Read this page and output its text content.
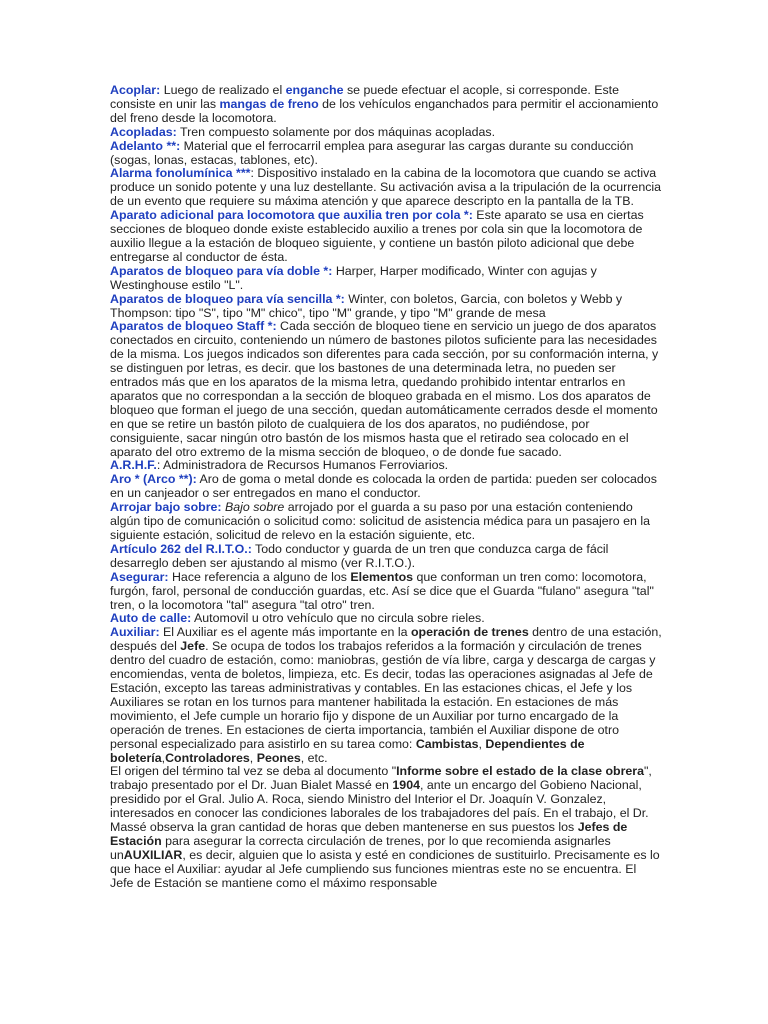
Acoplar: Luego de realizado el enganche se puede efectuar el acople, si corresponde. Este consiste en unir las mangas de freno de los vehículos enganchados para permitir el accionamiento del freno desde la locomotora.

Acopladas: Tren compuesto solamente por dos máquinas acopladas.

Adelanto **: Material que el ferrocarril emplea para asegurar las cargas durante su conducción (sogas, lonas, estacas, tablones, etc).

Alarma fonolumínica ***: Dispositivo instalado en la cabina de la locomotora que cuando se activa produce un sonido potente y una luz destellante. Su activación avisa a la tripulación de la ocurrencia de un evento que requiere su máxima atención y que aparece descripto en la pantalla de la TB.

Aparato adicional para locomotora que auxilia tren por cola *: Este aparato se usa en ciertas secciones de bloqueo donde existe establecido auxilio a trenes por cola sin que la locomotora de auxilio llegue a la estación de bloqueo siguiente, y contiene un bastón piloto adicional que debe entregarse al conductor de ésta.

Aparatos de bloqueo para vía doble *: Harper, Harper modificado, Winter con agujas y Westinghouse estilo "L".

Aparatos de bloqueo para vía sencilla *: Winter, con boletos, Garcia, con boletos y Webb y Thompson: tipo "S", tipo "M" chico", tipo "M" grande, y tipo "M" grande de mesa

Aparatos de bloqueo Staff *: Cada sección de bloqueo tiene en servicio un juego de dos aparatos conectados en circuito, conteniendo un número de bastones pilotos suficiente para las necesidades de la misma. Los juegos indicados son diferentes para cada sección, por su conformación interna, y se distinguen por letras, es decir. que los bastones de una determinada letra, no pueden ser entrados más que en los aparatos de la misma letra, quedando prohibido intentar entrarlos en aparatos que no correspondan a la sección de bloqueo grabada en el mismo. Los dos aparatos de bloqueo que forman el juego de una sección, quedan automáticamente cerrados desde el momento en que se retire un bastón piloto de cualquiera de los dos aparatos, no pudiéndose, por consiguiente, sacar ningún otro bastón de los mismos hasta que el retirado sea colocado en el aparato del otro extremo de la misma sección de bloqueo, o de donde fue sacado.

A.R.H.F.: Administradora de Recursos Humanos Ferroviarios.

Aro * (Arco **): Aro de goma o metal donde es colocada la orden de partida: pueden ser colocados en un canjeador o ser entregados en mano el conductor.

Arrojar bajo sobre: Bajo sobre arrojado por el guarda a su paso por una estación conteniendo algún tipo de comunicación o solicitud como: solicitud de asistencia médica para un pasajero en la siguiente estación, solicitud de relevo en la estación siguiente, etc.

Artículo 262 del R.I.T.O.: Todo conductor y guarda de un tren que conduzca carga de fácil desarreglo deben ser ajustando al mismo (ver R.I.T.O.).

Asegurar: Hace referencia a alguno de los Elementos que conforman un tren como: locomotora, furgón, farol, personal de conducción guardas, etc. Así se dice que el Guarda "fulano" asegura "tal" tren, o la locomotora "tal" asegura "tal otro" tren.

Auto de calle: Automovil u otro vehículo que no circula sobre rieles.

Auxiliar: El Auxiliar es el agente más importante en la operación de trenes dentro de una estación, después del Jefe. Se ocupa de todos los trabajos referidos a la formación y circulación de trenes dentro del cuadro de estación, como: maniobras, gestión de vía libre, carga y descarga de cargas y encomiendas, venta de boletos, limpieza, etc. Es decir, todas las operaciones asignadas al Jefe de Estación, excepto las tareas administrativas y contables. En las estaciones chicas, el Jefe y los Auxiliares se rotan en los turnos para mantener habilitada la estación. En estaciones de más movimiento, el Jefe cumple un horario fijo y dispone de un Auxiliar por turno encargado de la operación de trenes. En estaciones de cierta importancia, también el Auxiliar dispone de otro personal especializado para asistirlo en su tarea como: Cambistas, Dependientes de boletería,Controladores, Peones, etc.

El origen del término tal vez se deba al documento "Informe sobre el estado de la clase obrera", trabajo presentado por el Dr. Juan Bialet Massé en 1904, ante un encargo del Gobieno Nacional, presidido por el Gral. Julio A. Roca, siendo Ministro del Interior el Dr. Joaquín V. Gonzalez, interesados en conocer las condiciones laborales de los trabajadores del país. En el trabajo, el Dr. Massé observa la gran cantidad de horas que deben mantenerse en sus puestos los Jefes de Estación para asegurar la correcta circulación de trenes, por lo que recomienda asignarles unAUXILIAR, es decir, alguien que lo asista y esté en condiciones de sustituirlo. Precisamente es lo que hace el Auxiliar: ayudar al Jefe cumpliendo sus funciones mientras este no se encuentra. El Jefe de Estación se mantiene como el máximo responsable
